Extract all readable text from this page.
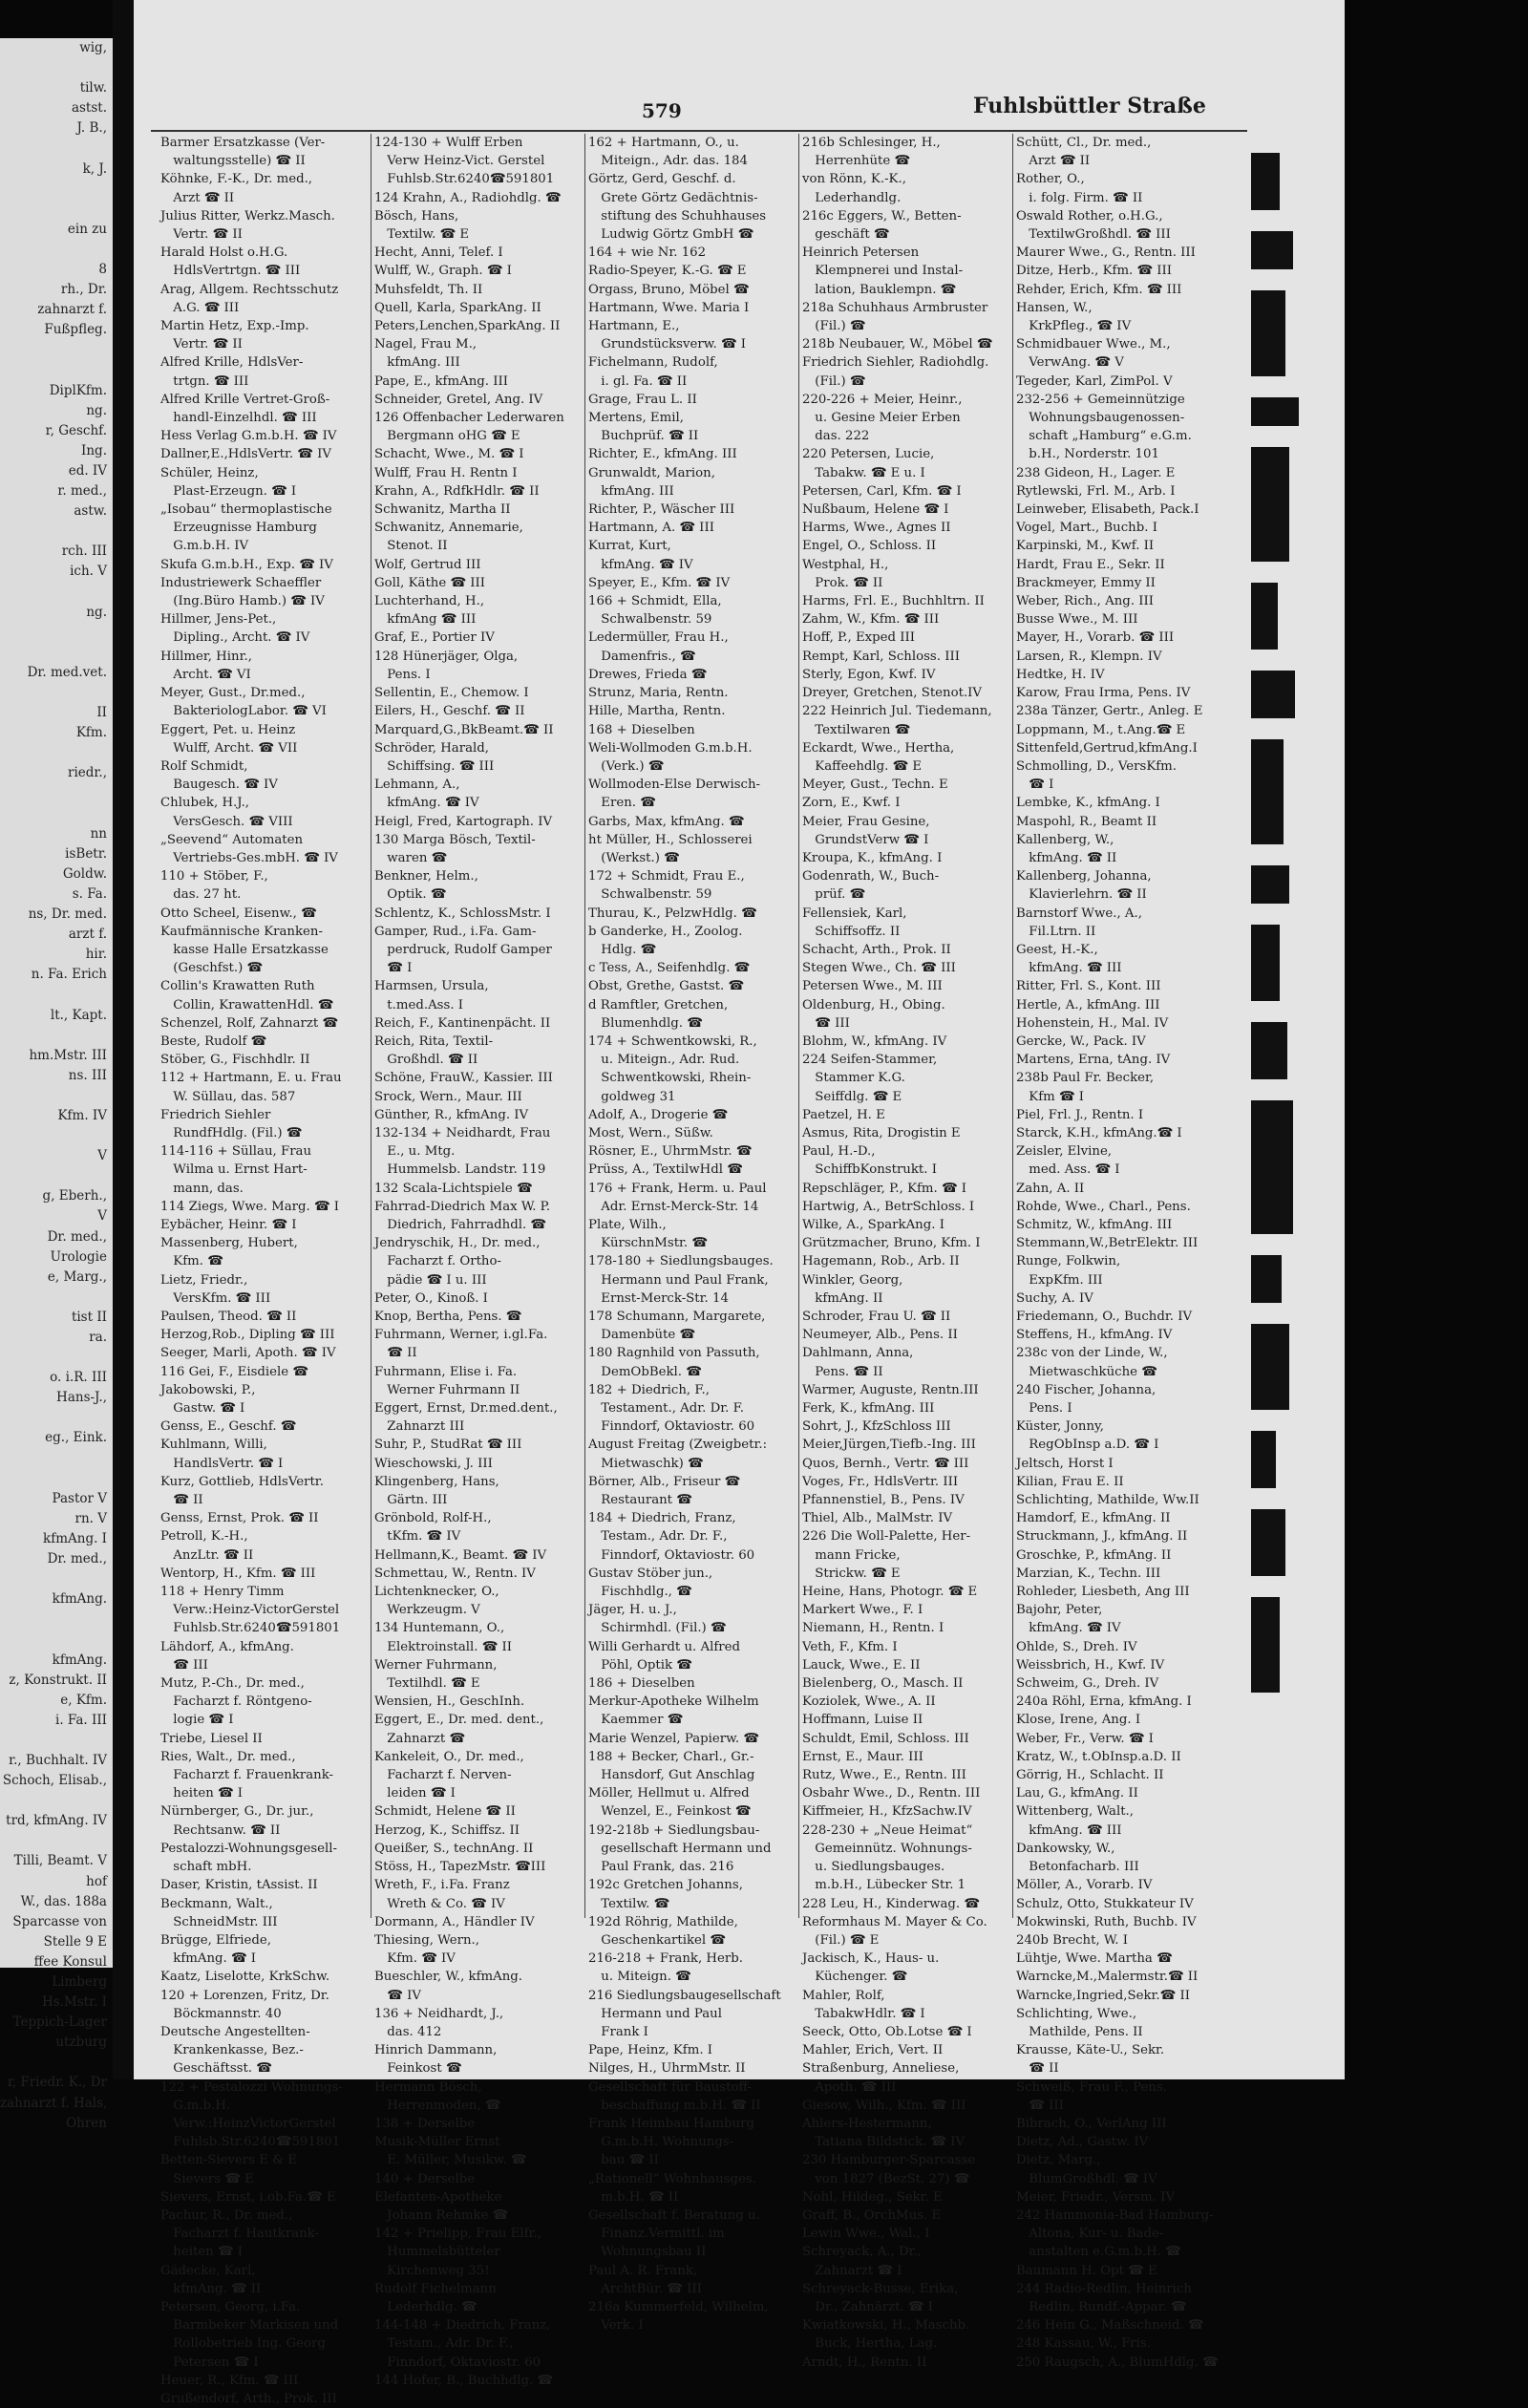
wig,

tilw.
astst.
J. B.,

k, J.

ein zu

8
rh., Dr.
zahnarzt f.
Fußpfleg.

DiplKfm.
ng.
r, Geschf.
Ing.
ed. IV
r. med.,
astw.

rch. III
ich. V

ng.

Dr. med.vet.

II
Kfm.

riedr.,

nn
isBetr.
Goldw.
s. Fa.
ns, Dr. med.
arzt f.
hir.
n. Fa. Erich

lt., Kapt.

hm.Mstr. III
ns. III

Kfm. IV

V

g, Eberh.,
V
Dr. med.,
Urologie
e, Marg.,

tist II
ra.

o. i.R. III
Hans-J.,

eg., Eink.

Pastor V
rn. V
kfmAng. I
Dr. med.,

kfmAng.

kfmAng.
z, Konstrukt. II
e, Kfm.
i. Fa. III

r., Buchhalt. IV
Schoch, Elisab.,

trd, kfmAng. IV

Tilli, Beamt. V
hof
W., das. 188a
Sparcasse von
Stelle 9 E
ffee Konsul
Limberg
Hs.Mstr. I
Teppich-Lager
utzburg

r, Friedr. K., Dr
zahnarzt f. Hals,
Ohren
579	Fuhlsbüttler Straße
Barmer Ersatzkasse (Ver-
 waltungsstelle) ☎ II
Köhnke, F.-K., Dr. med.,
 Arzt ☎ II
Julius Ritter, Werkz.Masch.
 Vertr. ☎ II
Harald Holst o.H.G.
 HdlsVertrtgn. ☎ III
Arag, Allgem. Rechtsschutz
 A.G. ☎ III
Martin Hetz, Exp.-Imp.
 Vertr. ☎ II
Alfred Krille, HdlsVer-
 trtgn. ☎ III
Alfred Krille Vertret-Groß-
 handl-Einzelhdl. ☎ III
Hess Verlag G.m.b.H. ☎ IV
Dallner,E.,HdlsVertr. ☎ IV
Schüler, Heinz,
 Plast-Erzeugn. ☎ I
„Isobau“ thermoplastische
 Erzeugnisse Hamburg
 G.m.b.H. IV
Skufa G.m.b.H., Exp. ☎ IV
Industriewerk Schaeffler
 (Ing.Büro Hamb.) ☎ IV
Hillmer, Jens-Pet.,
 Dipling., Archt. ☎ IV
Hillmer, Hinr.,
 Archt. ☎ VI
Meyer, Gust., Dr.med.,
 BakteriologLabor. ☎ VI
Eggert, Pet. u. Heinz
 Wulff, Archt. ☎ VII
Rolf Schmidt,
 Baugesch. ☎ IV
Chlubek, H.J.,
 VersGesch. ☎ VIII
„Seevend“ Automaten
 Vertriebs-Ges.mbH. ☎ IV
110 + Stöber, F.,
 das. 27 ht.
Otto Scheel, Eisenw., ☎
Kaufmännische Kranken-
 kasse Halle Ersatzkasse
 (Geschfst.) ☎
Collin's Krawatten Ruth
 Collin, KrawattenHdl. ☎
Schenzel, Rolf, Zahnarzt ☎
Beste, Rudolf ☎
Stöber, G., Fischhdlr. II
112 + Hartmann, E. u. Frau
 W. Süllau, das. 587
Friedrich Siehler
 RundfHdlg. (Fil.) ☎
114-116 + Süllau, Frau
 Wilma u. Ernst Hart-
 mann, das.
114 Ziegs, Wwe. Marg. ☎ I
Eybächer, Heinr. ☎ I
Massenberg, Hubert,
 Kfm. ☎
Lietz, Friedr.,
 VersKfm. ☎ III
Paulsen, Theod. ☎ II
Herzog,Rob., Dipling ☎ III
Seeger, Marli, Apoth. ☎ IV
116 Gei, F., Eisdiele ☎
Jakobowski, P.,
 Gastw. ☎ I
Genss, E., Geschf. ☎
Kuhlmann, Willi,
 HandlsVertr. ☎ I
Kurz, Gottlieb, HdlsVertr.
 ☎ II
Genss, Ernst, Prok. ☎ II
Petroll, K.-H.,
 AnzLtr. ☎ II
Wentorp, H., Kfm. ☎ III
118 + Henry Timm
 Verw.:Heinz-VictorGerstel
 Fuhlsb.Str.6240☎591801
Lähdorf, A., kfmAng.
 ☎ III
Mutz, P.-Ch., Dr. med.,
 Facharzt f. Röntgeno-
 logie ☎ I
Triebe, Liesel II
Ries, Walt., Dr. med.,
 Facharzt f. Frauenkrank-
 heiten ☎ I
Nürnberger, G., Dr. jur.,
 Rechtsanw. ☎ II
Pestalozzi-Wohnungsgesell-
 schaft mbH.
Daser, Kristin, tAssist. II
Beckmann, Walt.,
 SchneidMstr. III
Brügge, Elfriede,
 kfmAng. ☎ I
Kaatz, Liselotte, KrkSchw.
120 + Lorenzen, Fritz, Dr.
 Böckmannstr. 40
Deutsche Angestellten-
 Krankenkasse, Bez.-
 Geschäftsst. ☎
122 + Pestalozzi Wohnungs-
 G.m.b.H.
 Verw.:HeinzVictorGerstel
 Fuhlsb.Str.6240☎591801
Betten-Sievers E & E
 Sievers ☎ E
Sievers, Ernst, i.ob.Fa.☎ E
Pachur, R., Dr. med.,
 Facharzt f. Hautkrank-
 heiten ☎ I
Gädecke, Karl,
 kfmAng. ☎ II
Petersen, Georg, i.Fa.
 Barmbeker Markisen und
 Rollobetrieb Ing. Georg
 Petersen ☎ I
Heuer, R., Kfm. ☎ III
Grußendorf, Arth., Prok. III
124-130 + Wulff Erben
 Verw Heinz-Vict. Gerstel
 Fuhlsb.Str.6240☎591801
124 Krahn, A., Radiohdlg. ☎
Bösch, Hans,
 Textilw. ☎ E
Hecht, Anni, Telef. I
Wulff, W., Graph. ☎ I
Muhsfeldt, Th. II
Quell, Karla, SparkAng. II
Peters,Lenchen,SparkAng. II
Nagel, Frau M.,
 kfmAng. III
Pape, E., kfmAng. III
Schneider, Gretel, Ang. IV
126 Offenbacher Lederwaren
 Bergmann oHG ☎ E
Schacht, Wwe., M. ☎ I
Wulff, Frau H. Rentn I
Krahn, A., RdfkHdlr. ☎ II
Schwanitz, Martha II
Schwanitz, Annemarie,
 Stenot. II
Wolf, Gertrud III
Goll, Käthe ☎ III
Luchterhand, H.,
 kfmAng ☎ III
Graf, E., Portier IV
128 Hünerjäger, Olga,
 Pens. I
Sellentin, E., Chemow. I
Eilers, H., Geschf. ☎ II
Marquard,G.,BkBeamt.☎ II
Schröder, Harald,
 Schiffsing. ☎ III
Lehmann, A.,
 kfmAng. ☎ IV
Heigl, Fred, Kartograph. IV
130 Marga Bösch, Textil-
 waren ☎
Benkner, Helm.,
 Optik. ☎
Schlentz, K., SchlossMstr. I
Gamper, Rud., i.Fa. Gam-
 perdruck, Rudolf Gamper
 ☎ I
Harmsen, Ursula,
 t.med.Ass. I
Reich, F., Kantinenpächt. II
Reich, Rita, Textil-
 Großhdl. ☎ II
Schöne, FrauW., Kassier. III
Srock, Wern., Maur. III
Günther, R., kfmAng. IV
132-134 + Neidhardt, Frau
 E., u. Mtg.
 Hummelsb. Landstr. 119
132 Scala-Lichtspiele ☎
Fahrrad-Diedrich Max W. P.
 Diedrich, Fahrradhdl. ☎
Jendryschik, H., Dr. med.,
 Facharzt f. Ortho-
 pädie ☎ I u. III
Peter, O., Kinoß. I
Knop, Bertha, Pens. ☎
Fuhrmann, Werner, i.gl.Fa.
 ☎ II
Fuhrmann, Elise i. Fa.
 Werner Fuhrmann II
Eggert, Ernst, Dr.med.dent.,
 Zahnarzt III
Suhr, P., StudRat ☎ III
Wieschowski, J. III
Klingenberg, Hans,
 Gärtn. III
Grönbold, Rolf-H.,
 tKfm. ☎ IV
Hellmann,K., Beamt. ☎ IV
Schmettau, W., Rentn. IV
Lichtenknecker, O.,
 Werkzeugm. V
134 Huntemann, O.,
 Elektroinstall. ☎ II
Werner Fuhrmann,
 Textilhdl. ☎ E
Wensien, H., GeschInh.
Eggert, E., Dr. med. dent.,
 Zahnarzt ☎
Kankeleit, O., Dr. med.,
 Facharzt f. Nerven-
 leiden ☎ I
Schmidt, Helene ☎ II
Herzog, K., Schiffsz. II
Queißer, S., technAng. II
Stöss, H., TapezMstr. ☎III
Wreth, F., i.Fa. Franz
 Wreth & Co. ☎ IV
Dormann, A., Händler IV
Thiesing, Wern.,
 Kfm. ☎ IV
Bueschler, W., kfmAng.
 ☎ IV
136 + Neidhardt, J.,
 das. 412
Hinrich Dammann,
 Feinkost ☎
Hermann Bösch,
 Herrenmoden, ☎
138 + Derselbe
Musik-Müller Ernst
 E. Müller, Musikw. ☎
140 + Derselbe
Elefanten-Apotheke
 Johann Rehmke ☎
142 + Prielipp, Frau Elfr.,
 Hummelsbütteler
 Kirchenweg 35!
Rudolf Fichelmann
 Lederhdlg. ☎
144-148 + Diedrich, Franz,
 Testam., Adr. Dr. F.,
 Finndorf, Oktaviostr. 60
144 Hofer, B., Buchhdlg. ☎
162 + Hartmann, O., u.
 Miteign., Adr. das. 184
Görtz, Gerd, Geschf. d.
 Grete Görtz Gedächtnis-
 stiftung des Schuhhauses
 Ludwig Görtz GmbH ☎
164 + wie Nr. 162
Radio-Speyer, K.-G. ☎ E
Orgass, Bruno, Möbel ☎
Hartmann, Wwe. Maria I
Hartmann, E.,
 Grundstücksverw. ☎ I
Fichelmann, Rudolf,
 i. gl. Fa. ☎ II
Grage, Frau L. II
Mertens, Emil,
 Buchprüf. ☎ II
Richter, E., kfmAng. III
Grunwaldt, Marion,
 kfmAng. III
Richter, P., Wäscher III
Hartmann, A. ☎ III
Kurrat, Kurt,
 kfmAng. ☎ IV
Speyer, E., Kfm. ☎ IV
166 + Schmidt, Ella,
 Schwalbenstr. 59
Ledermüller, Frau H.,
 Damenfris., ☎
Drewes, Frieda ☎
Strunz, Maria, Rentn.
Hille, Martha, Rentn.
168 + Dieselben
Weli-Wollmoden G.m.b.H.
 (Verk.) ☎
Wollmoden-Else Derwisch-
 Eren. ☎
Garbs, Max, kfmAng. ☎
ht Müller, H., Schlosserei
 (Werkst.) ☎
172 + Schmidt, Frau E.,
 Schwalbenstr. 59
Thurau, K., PelzwHdlg. ☎
b Ganderke, H., Zoolog.
 Hdlg. ☎
c Tess, A., Seifenhdlg. ☎
Obst, Grethe, Gastst. ☎
d Ramftler, Gretchen,
 Blumenhdlg. ☎
174 + Schwentkowski, R.,
 u. Miteign., Adr. Rud.
 Schwentkowski, Rhein-
 goldweg 31
Adolf, A., Drogerie ☎
Most, Wern., Süßw.
Rösner, E., UhrmMstr. ☎
Prüss, A., TextilwHdl ☎
176 + Frank, Herm. u. Paul
 Adr. Ernst-Merck-Str. 14
Plate, Wilh.,
 KürschnMstr. ☎
178-180 + Siedlungsbauges.
 Hermann und Paul Frank,
 Ernst-Merck-Str. 14
178 Schumann, Margarete,
 Damenbüte ☎
180 Ragnhild von Passuth,
 DemObBekl. ☎
182 + Diedrich, F.,
 Testament., Adr. Dr. F.
 Finndorf, Oktaviostr. 60
August Freitag (Zweigbetr.:
 Mietwaschk) ☎
Börner, Alb., Friseur ☎
 Restaurant ☎
184 + Diedrich, Franz,
 Testam., Adr. Dr. F.,
 Finndorf, Oktaviostr. 60
Gustav Stöber jun.,
 Fischhdlg., ☎
Jäger, H. u. J.,
 Schirmhdl. (Fil.) ☎
Willi Gerhardt u. Alfred
 Pöhl, Optik ☎
186 + Dieselben
Merkur-Apotheke Wilhelm
 Kaemmer ☎
Marie Wenzel, Papierw. ☎
188 + Becker, Charl., Gr.-
 Hansdorf, Gut Anschlag
Möller, Hellmut u. Alfred
 Wenzel, E., Feinkost ☎
192-218b + Siedlungsbau-
 gesellschaft Hermann und
 Paul Frank, das. 216
192c Gretchen Johanns,
 Textilw. ☎
192d Röhrig, Mathilde,
 Geschenkartikel ☎
216-218 + Frank, Herb.
 u. Miteign. ☎
216 Siedlungsbaugesellschaft
 Hermann und Paul
 Frank I
Pape, Heinz, Kfm. I
Nilges, H., UhrmMstr. II
Gesellschaft für Baustoff-
 beschaffung m.b.H. ☎ II
Frank Heimbau Hamburg
 G.m.b.H. Wohnungs-
 bau ☎ II
„Rationell“ Wohnhausges.
 m.b.H. ☎ II
Gesellschaft f. Beratung u.
 Finanz.Vermittl. im
 Wohnungsbau II
Paul A. R. Frank,
 ArchtBür. ☎ III
216a Kummerfeld, Wilhelm,
 Verk. I
216b Schlesinger, H.,
 Herrenhüte ☎
von Rönn, K.-K.,
 Lederhandlg.
216c Eggers, W., Betten-
 geschäft ☎
Heinrich Petersen
 Klempnerei und Instal-
 lation, Bauklempn. ☎
218a Schuhhaus Armbruster
 (Fil.) ☎
218b Neubauer, W., Möbel ☎
Friedrich Siehler, Radiohdlg.
 (Fil.) ☎
220-226 + Meier, Heinr.,
 u. Gesine Meier Erben
 das. 222
220 Petersen, Lucie,
 Tabakw. ☎ E u. I
Petersen, Carl, Kfm. ☎ I
Nußbaum, Helene ☎ I
Harms, Wwe., Agnes II
Engel, O., Schloss. II
Westphal, H.,
 Prok. ☎ II
Harms, Frl. E., Buchhltrn. II
Zahm, W., Kfm. ☎ III
Hoff, P., Exped III
Rempt, Karl, Schloss. III
Sterly, Egon, Kwf. IV
Dreyer, Gretchen, Stenot.IV
222 Heinrich Jul. Tiedemann,
 Textilwaren ☎
Eckardt, Wwe., Hertha,
 Kaffeehdlg. ☎ E
Meyer, Gust., Techn. E
Zorn, E., Kwf. I
Meier, Frau Gesine,
 GrundstVerw ☎ I
Kroupa, K., kfmAng. I
Godenrath, W., Buch-
 prüf. ☎
Fellensiek, Karl,
 Schiffsoffz. II
Schacht, Arth., Prok. II
Stegen Wwe., Ch. ☎ III
Petersen Wwe., M. III
Oldenburg, H., Obing.
 ☎ III
Blohm, W., kfmAng. IV
224 Seifen-Stammer,
 Stammer K.G.
 Seiffdlg. ☎ E
Paetzel, H. E
Asmus, Rita, Drogistin E
Paul, H.-D.,
 SchiffbKonstrukt. I
Repschläger, P., Kfm. ☎ I
Hartwig, A., BetrSchloss. I
Wilke, A., SparkAng. I
Grützmacher, Bruno, Kfm. I
Hagemann, Rob., Arb. II
Winkler, Georg,
 kfmAng. II
Schroder, Frau U. ☎ II
Neumeyer, Alb., Pens. II
Dahlmann, Anna,
 Pens. ☎ II
Warmer, Auguste, Rentn.III
Ferk, K., kfmAng. III
Sohrt, J., KfzSchloss III
Meier,Jürgen,Tiefb.-Ing. III
Quos, Bernh., Vertr. ☎ III
Voges, Fr., HdlsVertr. III
Pfannenstiel, B., Pens. IV
Thiel, Alb., MalMstr. IV
226 Die Woll-Palette, Her-
 mann Fricke,
 Strickw. ☎ E
Heine, Hans, Photogr. ☎ E
Markert Wwe., F. I
Niemann, H., Rentn. I
Veth, F., Kfm. I
Lauck, Wwe., E. II
Bielenberg, O., Masch. II
Koziolek, Wwe., A. II
Hoffmann, Luise II
Schuldt, Emil, Schloss. III
Ernst, E., Maur. III
Rutz, Wwe., E., Rentn. III
Osbahr Wwe., D., Rentn. III
Kiffmeier, H., KfzSachw.IV
228-230 + „Neue Heimat“
 Gemeinnütz. Wohnungs-
 u. Siedlungsbauges.
 m.b.H., Lübecker Str. 1
228 Leu, H., Kinderwag. ☎
Reformhaus M. Mayer & Co.
 (Fil.) ☎ E
Jackisch, K., Haus- u.
 Küchenger. ☎
Mahler, Rolf,
 TabakwHdlr. ☎ I
Seeck, Otto, Ob.Lotse ☎ I
Mahler, Erich, Vert. II
Straßenburg, Anneliese,
 Apoth. ☎ III
Giesow, Wilh., Kfm. ☎ III
Ahlers-Hestermann,
 Tatiana Bildstick. ☎ IV
230 Hamburger-Sparcasse
 von 1827 (BezSt. 27) ☎
Nohl, Hildeg., Sekr. E
Graff, B., OrchMus. E
Lewin Wwe., Wal., I
Schreyack, A., Dr.,
 Zahnarzt ☎ I
Schreyack-Busse, Erika,
 Dr., Zahnärzt. ☎ I
Kwiatkowski, H., Maschb.
 Buck, Hertha, Lag.
Arndt, H., Rentn. II
Schütt, Cl., Dr. med.,
 Arzt ☎ II
Rother, O.,
 i. folg. Firm. ☎ II
Oswald Rother, o.H.G.,
 TextilwGroßhdl. ☎ III
Maurer Wwe., G., Rentn. III
Ditze, Herb., Kfm. ☎ III
Rehder, Erich, Kfm. ☎ III
Hansen, W.,
 KrkPfleg., ☎ IV
Schmidbauer Wwe., M.,
 VerwAng. ☎ V
Tegeder, Karl, ZimPol. V
232-256 + Gemeinnützige
 Wohnungsbaugenossen-
 schaft „Hamburg“ e.G.m.
 b.H., Norderstr. 101
238 Gideon, H., Lager. E
Rytlewski, Frl. M., Arb. I
Leinweber, Elisabeth, Pack.I
Vogel, Mart., Buchb. I
Karpinski, M., Kwf. II
Hardt, Frau E., Sekr. II
Brackmeyer, Emmy II
Weber, Rich., Ang. III
Busse Wwe., M. III
Mayer, H., Vorarb. ☎ III
Larsen, R., Klempn. IV
Hedtke, H. IV
Karow, Frau Irma, Pens. IV
238a Tänzer, Gertr., Anleg. E
Loppmann, M., t.Ang.☎ E
Sittenfeld,Gertrud,kfmAng.I
Schmolling, D., VersKfm.
 ☎ I
Lembke, K., kfmAng. I
Maspohl, R., Beamt II
Kallenberg, W.,
 kfmAng. ☎ II
Kallenberg, Johanna,
 Klavierlehrn. ☎ II
Barnstorf Wwe., A.,
 Fil.Ltrn. II
Geest, H.-K.,
 kfmAng. ☎ III
Ritter, Frl. S., Kont. III
Hertle, A., kfmAng. III
Hohenstein, H., Mal. IV
Gercke, W., Pack. IV
Martens, Erna, tAng. IV
238b Paul Fr. Becker,
 Kfm ☎ I
Piel, Frl. J., Rentn. I
Starck, K.H., kfmAng.☎ I
Zeisler, Elvine,
 med. Ass. ☎ I
Zahn, A. II
Rohde, Wwe., Charl., Pens.
Schmitz, W., kfmAng. III
Stemmann,W.,BetrElektr. III
Runge, Folkwin,
 ExpKfm. III
Suchy, A. IV
Friedemann, O., Buchdr. IV
Steffens, H., kfmAng. IV
238c von der Linde, W.,
 Mietwaschküche ☎
240 Fischer, Johanna,
 Pens. I
Küster, Jonny,
 RegObInsp a.D. ☎ I
Jeltsch, Horst I
Kilian, Frau E. II
Schlichting, Mathilde, Ww.II
Hamdorf, E., kfmAng. II
Struckmann, J., kfmAng. II
Groschke, P., kfmAng. II
Marzian, K., Techn. III
Rohleder, Liesbeth, Ang III
Bajohr, Peter,
 kfmAng. ☎ IV
Ohlde, S., Dreh. IV
Weissbrich, H., Kwf. IV
Schweim, G., Dreh. IV
240a Röhl, Erna, kfmAng. I
Klose, Irene, Ang. I
Weber, Fr., Verw. ☎ I
Kratz, W., t.ObInsp.a.D. II
Görrig, H., Schlacht. II
Lau, G., kfmAng. II
Wittenberg, Walt.,
 kfmAng. ☎ III
Dankowsky, W.,
 Betonfacharb. III
Möller, A., Vorarb. IV
Schulz, Otto, Stukkateur IV
Mokwinski, Ruth, Buchb. IV
240b Brecht, W. I
Lühtje, Wwe. Martha ☎
Warncke,M.,Malermstr.☎ II
Warncke,Ingried,Sekr.☎ II
Schlichting, Wwe.,
 Mathilde, Pens. II
Krausse, Käte-U., Sekr.
 ☎ II
Schweiß, Frau F., Pens.
 ☎ III
Bibrach, O., VerlAng III
Dietz, Ad., Gastw. IV
Dietz, Marg.,
 BlumGroßhdl. ☎ IV
Meier, Friedr., Versm. IV
242 Hammonia-Bad Hamburg-
 Altona, Kur- u. Bade-
 anstalten e.G.m.b.H. ☎
Baumann H. Opt ☎ E
244 Radio-Redlin, Heinrich
 Redlin, Rundf.-Appar. ☎
246 Hein G., Maßschneid. ☎
248 Kassau, W., Fris.
250 Raugsch, A., BlumHdlg. ☎
